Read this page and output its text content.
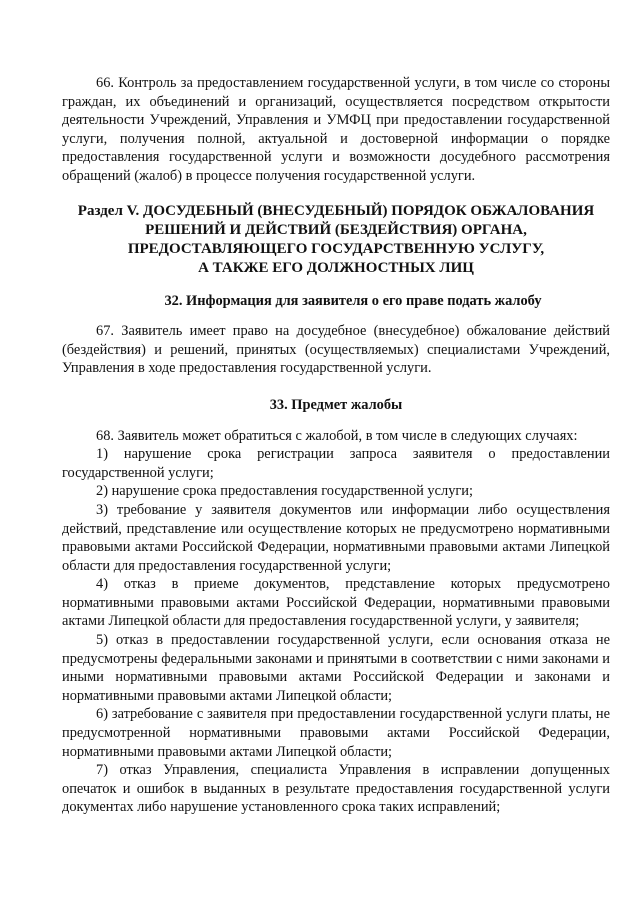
66. Контроль за предоставлением государственной услуги, в том числе со стороны граждан, их объединений и организаций, осуществляется посредством открытости деятельности Учреждений, Управления и УМФЦ при предоставлении государственной услуги, получения полной, актуальной и достоверной информации о порядке предоставления государственной услуги и возможности досудебного рассмотрения обращений (жалоб) в процессе получения государственной услуги.

Раздел V. ДОСУДЕБНЫЙ (ВНЕСУДЕБНЫЙ) ПОРЯДОК ОБЖАЛОВАНИЯ
РЕШЕНИЙ И ДЕЙСТВИЙ (БЕЗДЕЙСТВИЯ) ОРГАНА,
ПРЕДОСТАВЛЯЮЩЕГО ГОСУДАРСТВЕННУЮ УСЛУГУ,
А ТАКЖЕ ЕГО ДОЛЖНОСТНЫХ ЛИЦ
32. Информация для заявителя о его праве подать жалобу

67. Заявитель имеет право на досудебное (внесудебное) обжалование действий (бездействия) и решений, принятых (осуществляемых) специалистами Учреждений, Управления в ходе предоставления государственной услуги.

33. Предмет жалобы

68. Заявитель может обратиться с жалобой, в том числе в следующих случаях:

1) нарушение срока регистрации запроса заявителя о предоставлении государственной услуги;

2) нарушение срока предоставления государственной услуги;

3) требование у заявителя документов или информации либо осуществления действий, представление или осуществление которых не предусмотрено нормативными правовыми актами Российской Федерации, нормативными правовыми актами Липецкой области для предоставления государственной услуги;

4) отказ в приеме документов, представление которых предусмотрено нормативными правовыми актами Российской Федерации, нормативными правовыми актами Липецкой области для предоставления государственной услуги, у заявителя;

5) отказ в предоставлении государственной услуги, если основания отказа не предусмотрены федеральными законами и принятыми в соответствии с ними законами и иными нормативными правовыми актами Российской Федерации и законами и нормативными правовыми актами Липецкой области;

6) затребование с заявителя при предоставлении государственной услуги платы, не предусмотренной нормативными правовыми актами Российской Федерации, нормативными правовыми актами Липецкой области;

7) отказ Управления, специалиста Управления в исправлении допущенных опечаток и ошибок в выданных в результате предоставления государственной услуги документах либо нарушение установленного срока таких исправлений;
